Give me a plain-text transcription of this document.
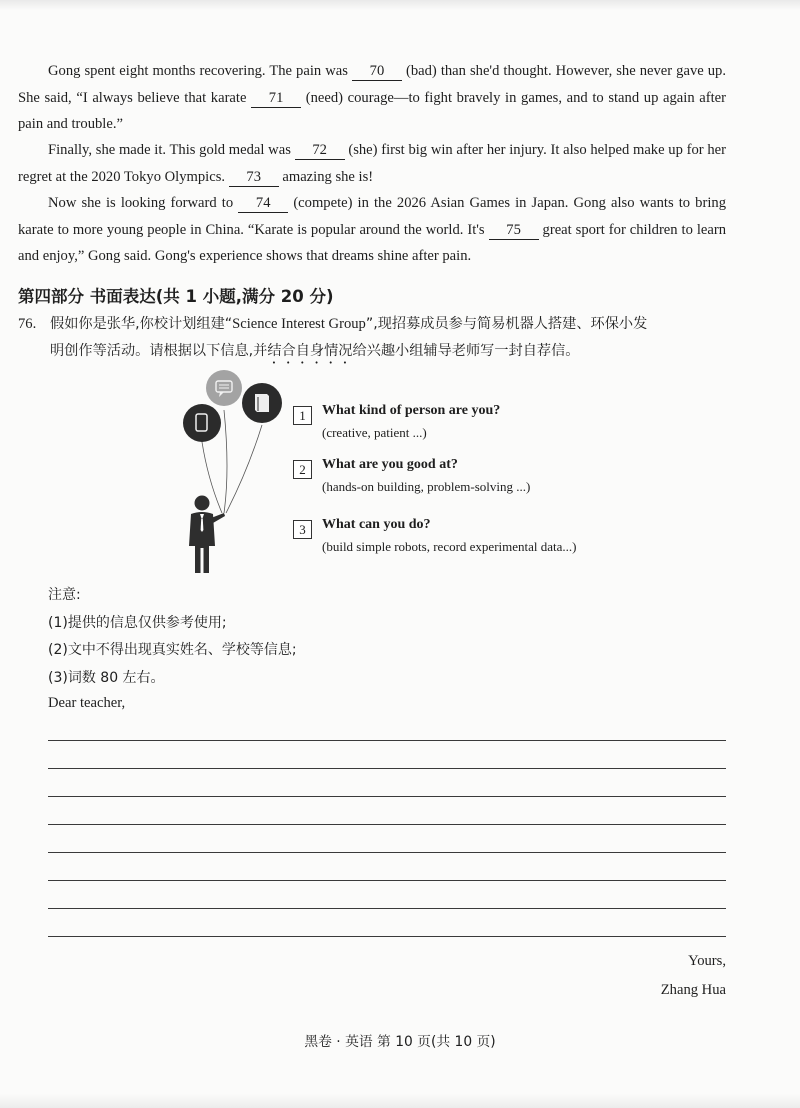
Gong spent eight months recovering. The pain was 70 (bad) than she'd thought. However, she never gave up. She said, “I always believe that karate 71 (need) courage—to fight bravely in games, and to stand up again after pain and trouble.”

Finally, she made it. This gold medal was 72 (she) first big win after her injury. It also helped make up for her regret at the 2020 Tokyo Olympics. 73 amazing she is!

Now she is looking forward to 74 (compete) in the 2026 Asian Games in Japan. Gong also wants to bring karate to more young people in China. “Karate is popular around the world. It's 75 great sport for children to learn and enjoy,” Gong said. Gong's experience shows that dreams shine after pain.

第四部分 书面表达(共 1 小题,满分 20 分)
76. 假如你是张华,你校计划组建“Science Interest Group”,现招募成员参与简易机器人搭建、环保小发
明创作等活动。请根据以下信息,并结合自身情况给兴趣小组辅导老师写一封自荐信。
1	What kind of person are you?
(creative, patient ...)
2	What are you good at?
(hands-on building, problem-solving ...)
3	What can you do?
(build simple robots, record experimental data...)
注意:
(1)提供的信息仅供参考使用;
(2)文中不得出现真实姓名、学校等信息;
(3)词数 80 左右。
Dear teacher,
Yours,
Zhang Hua
黑卷 · 英语 第 10 页(共 10 页)
